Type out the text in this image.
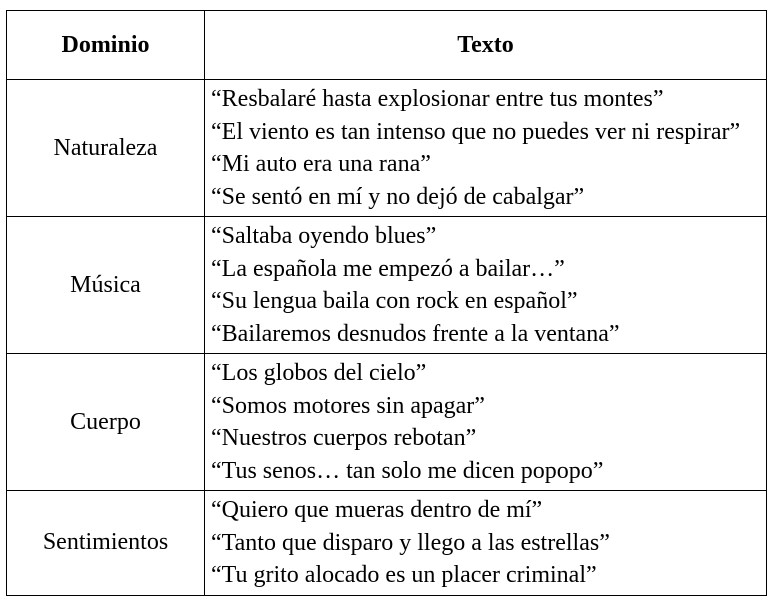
Dominio	Texto
Naturaleza	“Resbalaré hasta explosionar entre tus montes”
“El viento es tan intenso que no puedes ver ni respirar”
“Mi auto era una rana”
“Se sentó en mí y no dejó de cabalgar”

Música	“Saltaba oyendo blues”
“La española me empezó a bailar…”
“Su lengua baila con rock en español”
“Bailaremos desnudos frente a la ventana”

Cuerpo	“Los globos del cielo”
“Somos motores sin apagar”
“Nuestros cuerpos rebotan”
“Tus senos… tan solo me dicen popopo”

Sentimientos	“Quiero que mueras dentro de mí”
“Tanto que disparo y llego a las estrellas”
“Tu grito alocado es un placer criminal”
